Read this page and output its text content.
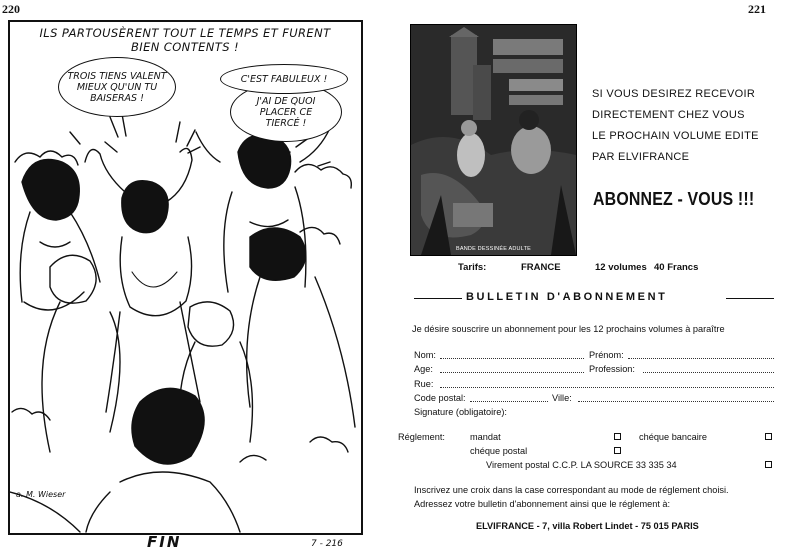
220	221
a. M. Wieser
ILS PARTOUSÈRENT TOUT LE TEMPS ET FURENT
BIEN CONTENTS !
TROIS TIENS VALENT
MIEUX QU'UN TU
BAISERAS !	J'AI DE QUOI
PLACER CE
TIERCÉ !
C'EST FABULEUX !
FIN	7 - 216
BANDE DESSINÉE ADULTE
SI VOUS DESIREZ RECEVOIR
DIRECTEMENT CHEZ VOUS
LE PROCHAIN VOLUME EDITE
PAR ELVIFRANCE
ABONNEZ - VOUS !!!
Tarifs:	FRANCE	12 volumes 40 Francs
BULLETIN D'ABONNEMENT
Je désire souscrire un abonnement pour les 12 prochains volumes à paraître
Nom:	Prénom:
Age:	Profession:
Rue:
Code postal:	Ville:
Signature (obligatoire):
Réglement:	mandat	chéque bancaire
chéque postal
Virement postal C.C.P. LA SOURCE 33 335 34
Inscrivez une croix dans la case correspondant au mode de réglement choisi.
Adressez votre bulletin d'abonnement ainsi que le réglement à:
ELVIFRANCE - 7, villa Robert Lindet - 75 015 PARIS
